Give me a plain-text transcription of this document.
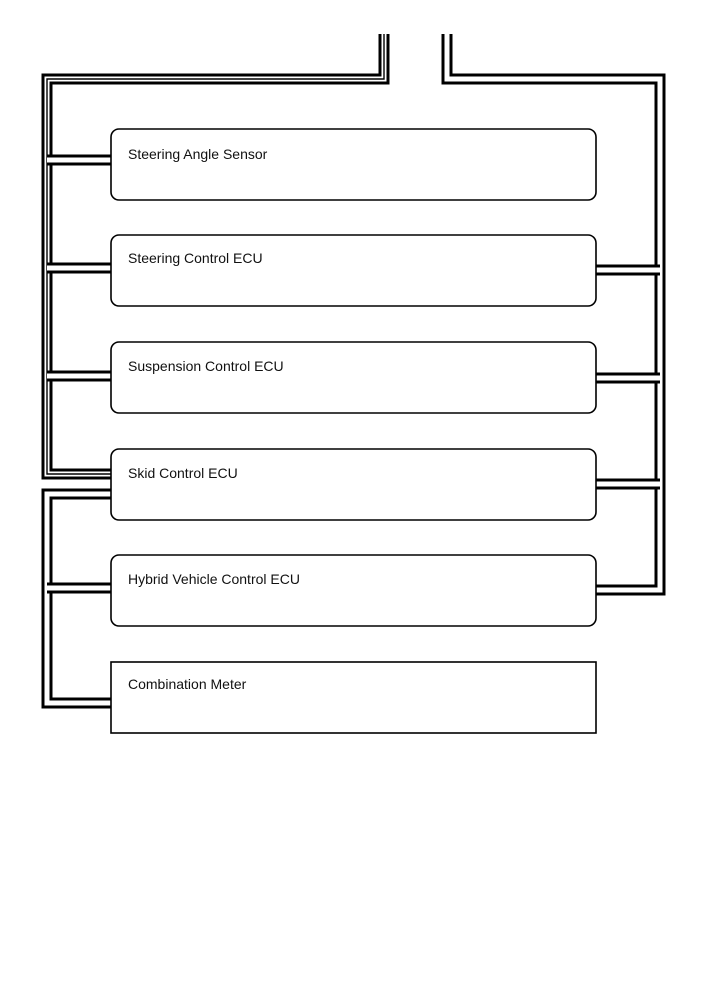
Steering Angle Sensor
Steering Control ECU
Suspension Control ECU
Skid Control ECU
Hybrid Vehicle Control ECU
Combination Meter
